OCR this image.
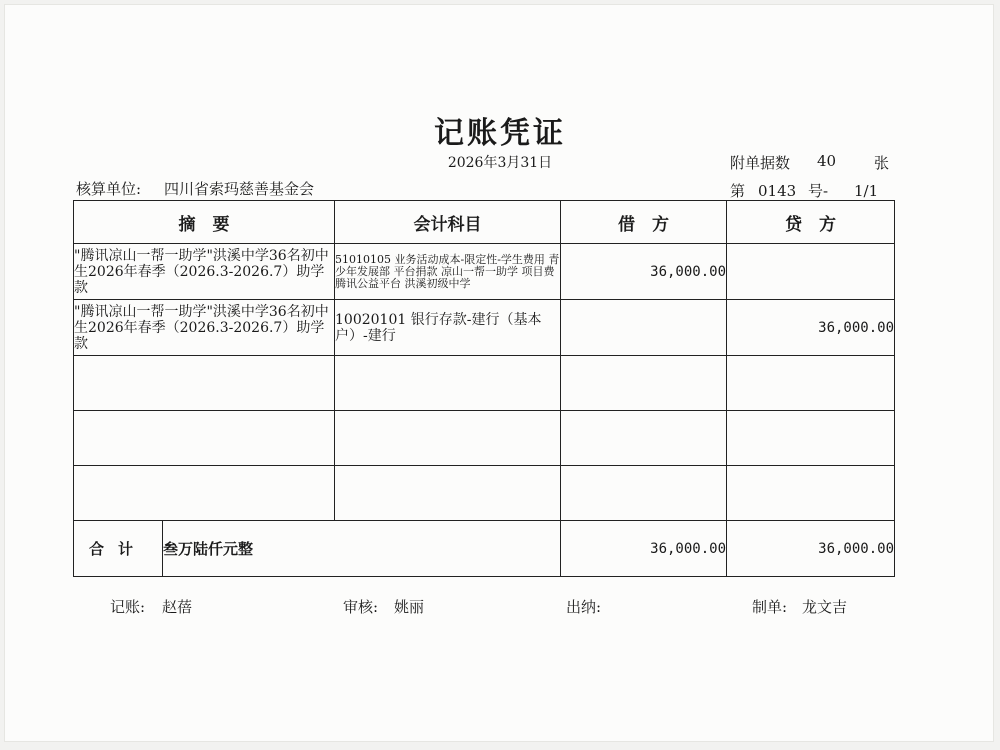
记账凭证
2026年3月31日	附单据数 40	张
核算单位: 四川省索玛慈善基金会	第 0143 号- 1/1
摘　要		会计科目	借　方	贷　方
"腾讯凉山一帮一助学"洪溪中学36名初中生2026年春季（2026.3-2026.7）助学款		51010105 业务活动成本-限定性-学生费用 青少年发展部 平台捐款 凉山一帮一助学 项目费 腾讯公益平台 洪溪初级中学	36,000.00	
"腾讯凉山一帮一助学"洪溪中学36名初中生2026年春季（2026.3-2026.7）助学款		10020101 银行存款-建行（基本户）-建行		36,000.00

合计	叁万陆仟元整		36,000.00	36,000.00
记账: 赵蓓	审核: 姚丽	出纳:	制单: 龙文吉
